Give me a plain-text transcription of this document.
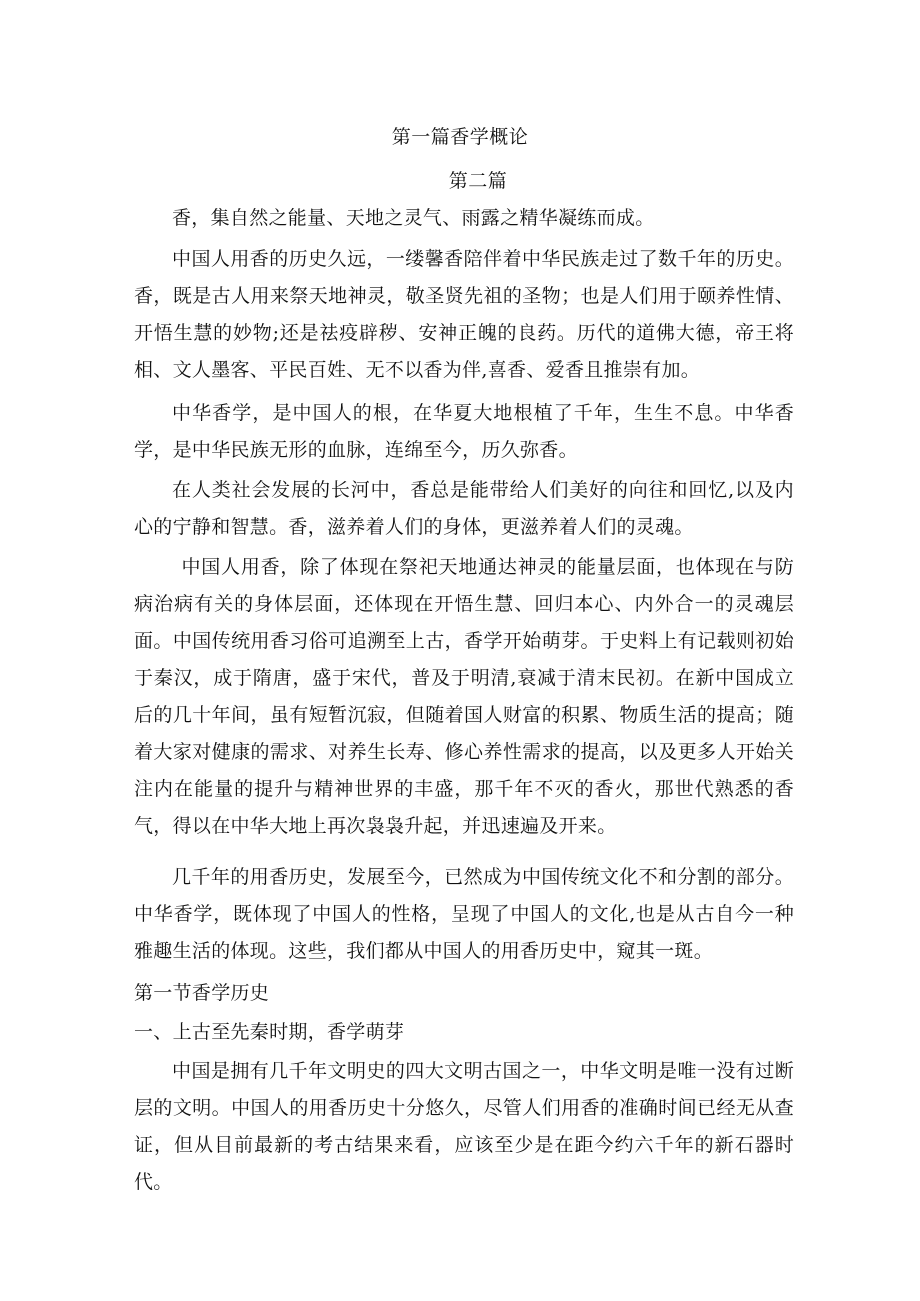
第一篇香学概论
第二篇
香，集自然之能量、天地之灵气、雨露之精华凝练而成。
中国人用香的历史久远，一缕馨香陪伴着中华民族走过了数千年的历史。香，既是古人用来祭天地神灵，敬圣贤先祖的圣物；也是人们用于颐养性情、开悟生慧的妙物;还是祛疫辟秽、安神正魄的良药。历代的道佛大德，帝王将相、文人墨客、平民百姓、无不以香为伴,喜香、爱香且推崇有加。
中华香学，是中国人的根，在华夏大地根植了千年，生生不息。中华香学，是中华民族无形的血脉，连绵至今，历久弥香。
在人类社会发展的长河中，香总是能带给人们美好的向往和回忆,以及内心的宁静和智慧。香，滋养着人们的身体，更滋养着人们的灵魂。
中国人用香，除了体现在祭祀天地通达神灵的能量层面，也体现在与防病治病有关的身体层面，还体现在开悟生慧、回归本心、内外合一的灵魂层面。中国传统用香习俗可追溯至上古，香学开始萌芽。于史料上有记载则初始于秦汉，成于隋唐，盛于宋代，普及于明清,衰减于清末民初。在新中国成立后的几十年间，虽有短暂沉寂，但随着国人财富的积累、物质生活的提高；随着大家对健康的需求、对养生长寿、修心养性需求的提高，以及更多人开始关注内在能量的提升与精神世界的丰盛，那千年不灭的香火，那世代熟悉的香气，得以在中华大地上再次袅袅升起，并迅速遍及开来。
几千年的用香历史，发展至今，已然成为中国传统文化不和分割的部分。中华香学，既体现了中国人的性格，呈现了中国人的文化,也是从古自今一种雅趣生活的体现。这些，我们都从中国人的用香历史中，窥其一斑。
第一节香学历史
一、上古至先秦时期，香学萌芽
中国是拥有几千年文明史的四大文明古国之一，中华文明是唯一没有过断层的文明。中国人的用香历史十分悠久，尽管人们用香的准确时间已经无从查证，但从目前最新的考古结果来看，应该至少是在距今约六千年的新石器时代。
